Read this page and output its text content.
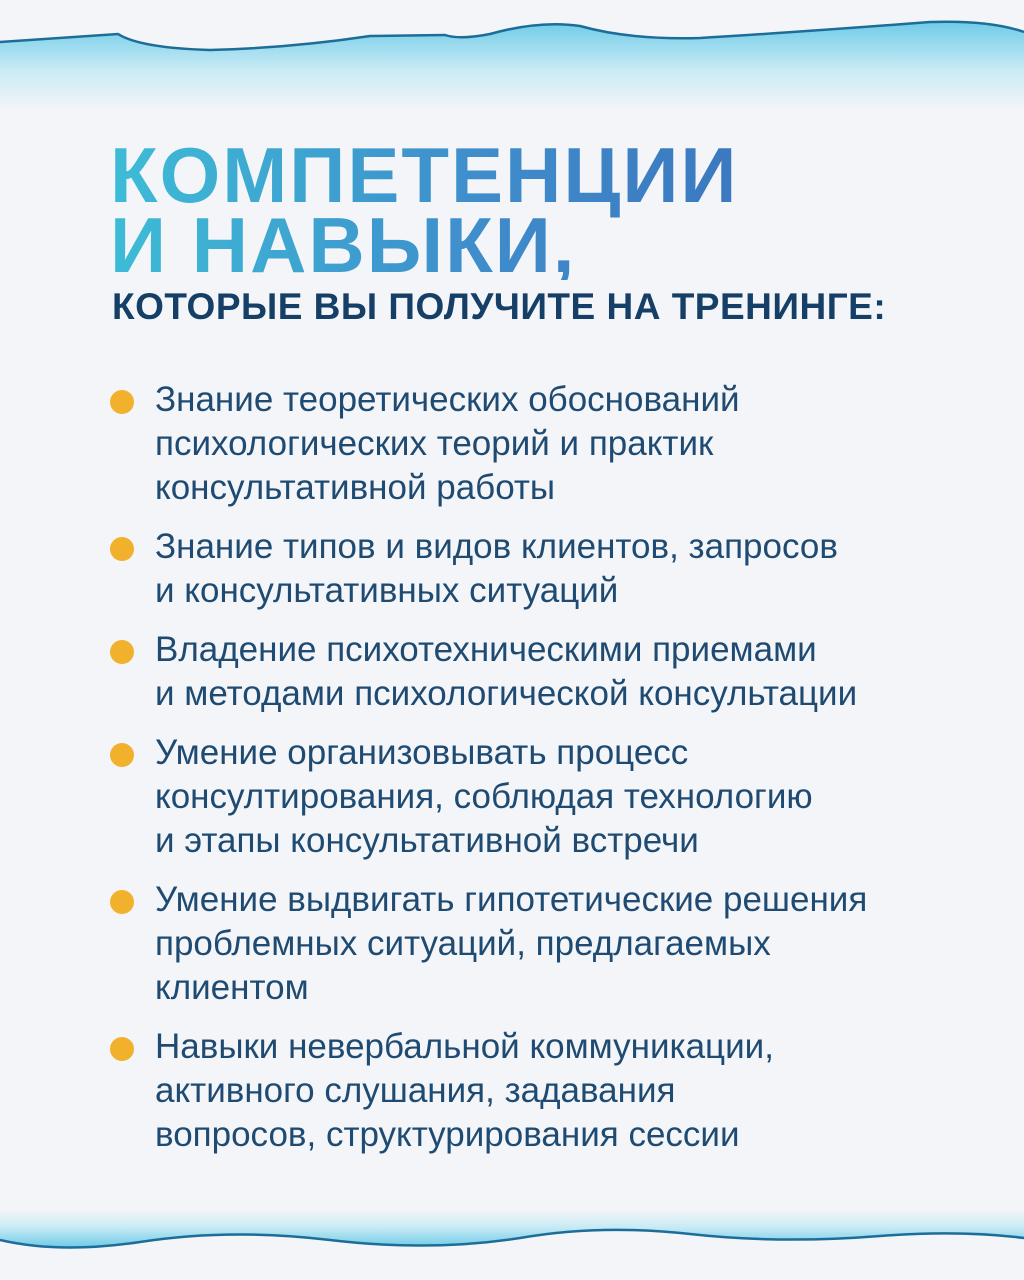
КОМПЕТЕНЦИИ
И НАВЫКИ,
КОТОРЫЕ ВЫ ПОЛУЧИТЕ НА ТРЕНИНГЕ:
Знание теоретических обоснований
психологических теорий и практик
консультативной работы
Знание типов и видов клиентов, запросов
и консультативных ситуаций
Владение психотехническими приемами
и методами психологической консультации
Умение организовывать процесс
консултирования, соблюдая технологию
и этапы консультативной встречи
Умение выдвигать гипотетические решения
проблемных ситуаций, предлагаемых
клиентом
Навыки невербальной коммуникации,
активного слушания, задавания
вопросов, структурирования сессии
